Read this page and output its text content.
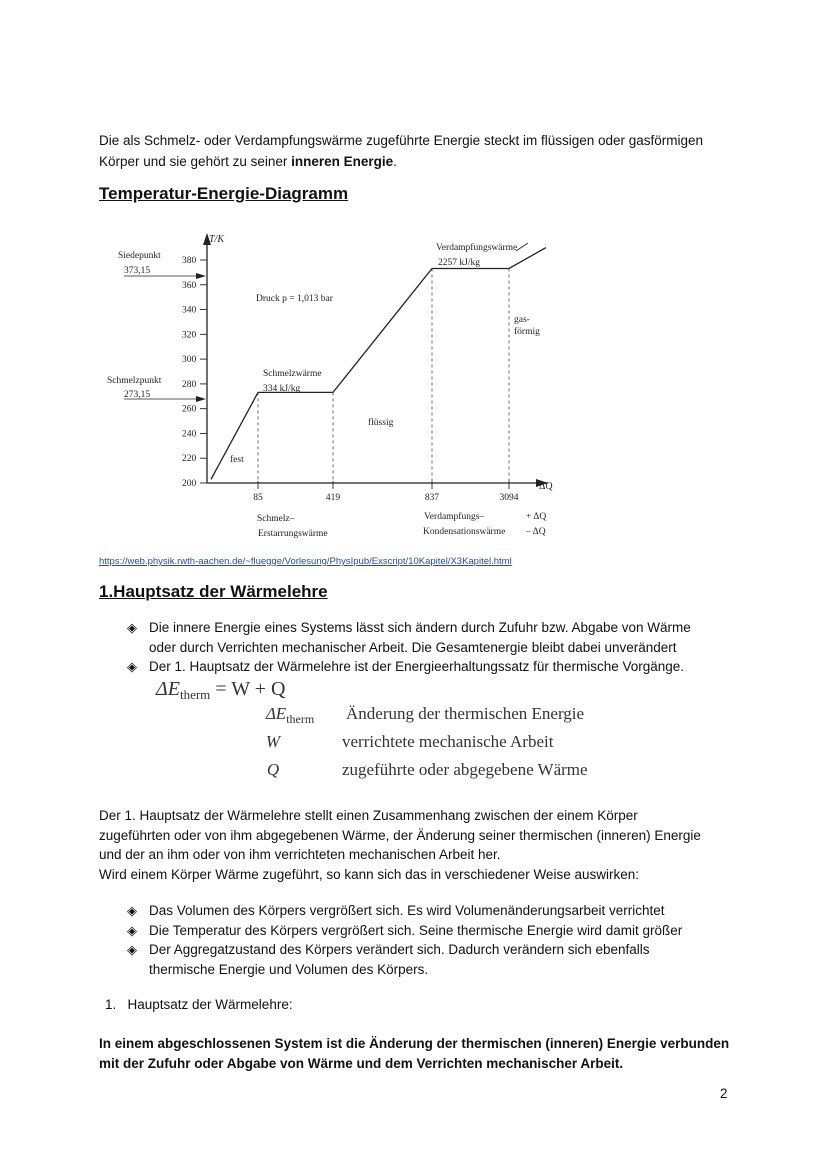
Die als Schmelz- oder Verdampfungswärme zugeführte Energie steckt im flüssigen oder gasförmigen
Körper und sie gehört zu seiner inneren Energie.
Temperatur-Energie-Diagramm
T/K
ΔQ
380
360
340
320
300
280
260
240
220
200
85	419	837	3094
Siedepunkt
373,15
Schmelzpunkt
273,15
Druck p = 1,013 bar
Schmelzwärme
334 kJ/kg
Verdampfungswärme
2257 kJ/kg
fest
flüssig
gas-
förmig
Schmelz–
Erstarrungswärme
Verdampfungs–	+ ΔQ
Kondensationswärme – ΔQ
https://web.physik.rwth-aachen.de/~fluegge/Vorlesung/PhysIpub/Exscript/10Kapitel/X3Kapitel.html
1.Hauptsatz der Wärmelehre
◈ Die innere Energie eines Systems lässt sich ändern durch Zufuhr bzw. Abgabe von Wärme
oder durch Verrichten mechanischer Arbeit. Die Gesamtenergie bleibt dabei unverändert
◈ Der 1. Hauptsatz der Wärmelehre ist der Energieerhaltungssatz für thermische Vorgänge.
$\Delta E_{therm} = W + Q$
$\Delta E_{therm}$	Änderung der thermischen Energie
W	verrichtete mechanische Arbeit
Q	zugeführte oder abgegebene Wärme
Der 1. Hauptsatz der Wärmelehre stellt einen Zusammenhang zwischen der einem Körper
zugeführten oder von ihm abgegebenen Wärme, der Änderung seiner thermischen (inneren) Energie
und der an ihm oder von ihm verrichteten mechanischen Arbeit her.
Wird einem Körper Wärme zugeführt, so kann sich das in verschiedener Weise auswirken:
◈ Das Volumen des Körpers vergrößert sich. Es wird Volumenänderungsarbeit verrichtet
◈ Die Temperatur des Körpers vergrößert sich. Seine thermische Energie wird damit größer
◈ Der Aggregatzustand des Körpers verändert sich. Dadurch verändern sich ebenfalls
thermische Energie und Volumen des Körpers.
1.   Hauptsatz der Wärmelehre:
In einem abgeschlossenen System ist die Änderung der thermischen (inneren) Energie verbunden
mit der Zufuhr oder Abgabe von Wärme und dem Verrichten mechanischer Arbeit.
2
